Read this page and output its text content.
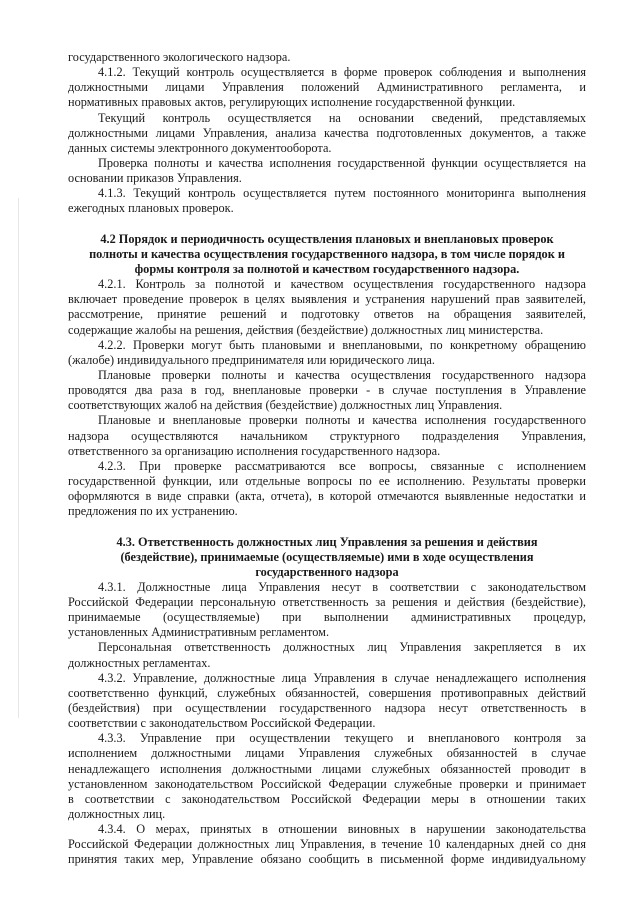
государственного экологического надзора.
4.1.2. Текущий контроль осуществляется в форме проверок соблюдения и выполнения
должностными лицами Управления положений Административного регламента, и
нормативных правовых актов, регулирующих исполнение государственной функции.
Текущий контроль осуществляется на основании сведений, представляемых
должностными лицами Управления, анализа качества подготовленных документов, а также
данных системы электронного документооборота.
Проверка полноты и качества исполнения государственной функции осуществляется на
основании приказов Управления.
4.1.3. Текущий контроль осуществляется путем постоянного мониторинга выполнения
ежегодных плановых проверок.
4.2 Порядок и периодичность осуществления плановых и внеплановых проверок
полноты и качества осуществления государственного надзора, в том числе порядок и
формы контроля за полнотой и качеством государственного надзора.
4.2.1. Контроль за полнотой и качеством осуществления государственного надзора
включает проведение проверок в целях выявления и устранения нарушений прав заявителей,
рассмотрение, принятие решений и подготовку ответов на обращения заявителей,
содержащие жалобы на решения, действия (бездействие) должностных лиц министерства.
4.2.2. Проверки могут быть плановыми и внеплановыми, по конкретному обращению
(жалобе) индивидуального предпринимателя или юридического лица.
Плановые проверки полноты и качества осуществления государственного надзора
проводятся два раза в год, внеплановые проверки - в случае поступления в Управление
соответствующих жалоб на действия (бездействие) должностных лиц Управления.
Плановые и внеплановые проверки полноты и качества исполнения государственного
надзора осуществляются начальником структурного подразделения Управления,
ответственного за организацию исполнения государственного надзора.
4.2.3. При проверке рассматриваются все вопросы, связанные с исполнением
государственной функции, или отдельные вопросы по ее исполнению. Результаты проверки
оформляются в виде справки (акта, отчета), в которой отмечаются выявленные недостатки и
предложения по их устранению.
4.3. Ответственность должностных лиц Управления за решения и действия
(бездействие), принимаемые (осуществляемые) ими в ходе осуществления
государственного надзора
4.3.1. Должностные лица Управления несут в соответствии с законодательством
Российской Федерации персональную ответственность за решения и действия (бездействие),
принимаемые (осуществляемые) при выполнении административных процедур,
установленных Административным регламентом.
Персональная ответственность должностных лиц Управления закрепляется в их
должностных регламентах.
4.3.2. Управление, должностные лица Управления в случае ненадлежащего исполнения
соответственно функций, служебных обязанностей, совершения противоправных действий
(бездействия) при осуществлении государственного надзора несут ответственность в
соответствии с законодательством Российской Федерации.
4.3.3. Управление при осуществлении текущего и внепланового контроля за
исполнением должностными лицами Управления служебных обязанностей в случае
ненадлежащего исполнения должностными лицами служебных обязанностей проводит в
установленном законодательством Российской Федерации служебные проверки и принимает
в соответствии с законодательством Российской Федерации меры в отношении таких
должностных лиц.
4.3.4. О мерах, принятых в отношении виновных в нарушении законодательства
Российской Федерации должностных лиц Управления, в течение 10 календарных дней со дня
принятия таких мер, Управление обязано сообщить в письменной форме индивидуальному
